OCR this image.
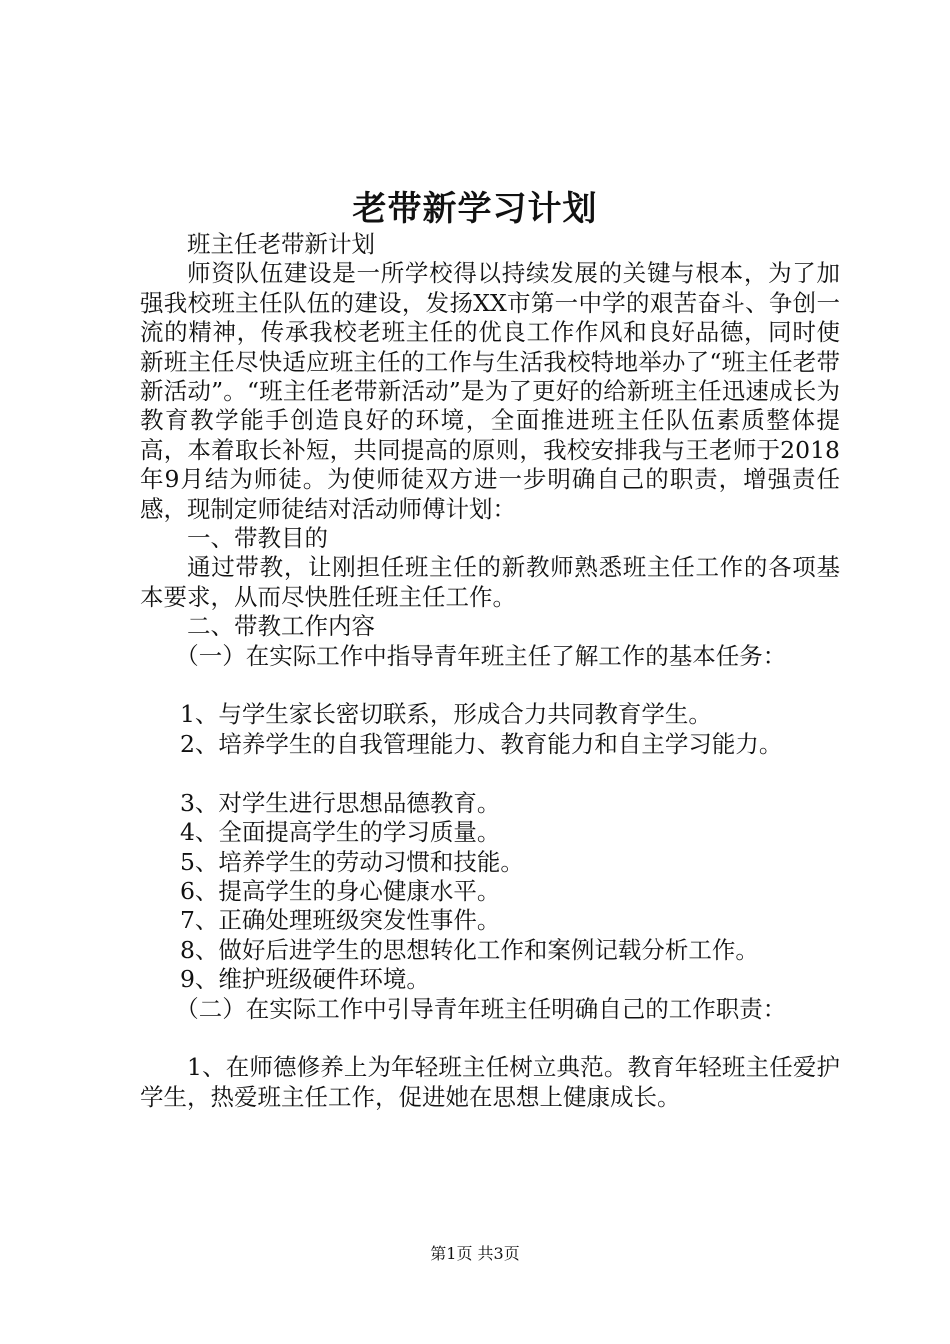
老带新学习计划

班主任老带新计划

师资队伍建设是一所学校得以持续发展的关键与根本，为了加强我校班主任队伍的建设，发扬XX市第一中学的艰苦奋斗、争创一流的精神，传承我校老班主任的优良工作作风和良好品德，同时使新班主任尽快适应班主任的工作与生活我校特地举办了“班主任老带新活动”。“班主任老带新活动”是为了更好的给新班主任迅速成长为教育教学能手创造良好的环境，全面推进班主任队伍素质整体提高，本着取长补短，共同提高的原则，我校安排我与王老师于2018年9月结为师徒。为使师徒双方进一步明确自己的职责，增强责任感，现制定师徒结对活动师傅计划：

一、带教目的

通过带教，让刚担任班主任的新教师熟悉班主任工作的各项基本要求，从而尽快胜任班主任工作。

二、带教工作内容

（一）在实际工作中指导青年班主任了解工作的基本任务：

1、与学生家长密切联系，形成合力共同教育学生。

2、培养学生的自我管理能力、教育能力和自主学习能力。

3、对学生进行思想品德教育。

4、全面提高学生的学习质量。

5、培养学生的劳动习惯和技能。

6、提高学生的身心健康水平。

7、正确处理班级突发性事件。

8、做好后进学生的思想转化工作和案例记载分析工作。

9、维护班级硬件环境。

（二）在实际工作中引导青年班主任明确自己的工作职责：

1、在师德修养上为年轻班主任树立典范。教育年轻班主任爱护学生，热爱班主任工作，促进她在思想上健康成长。

第1页 共3页
